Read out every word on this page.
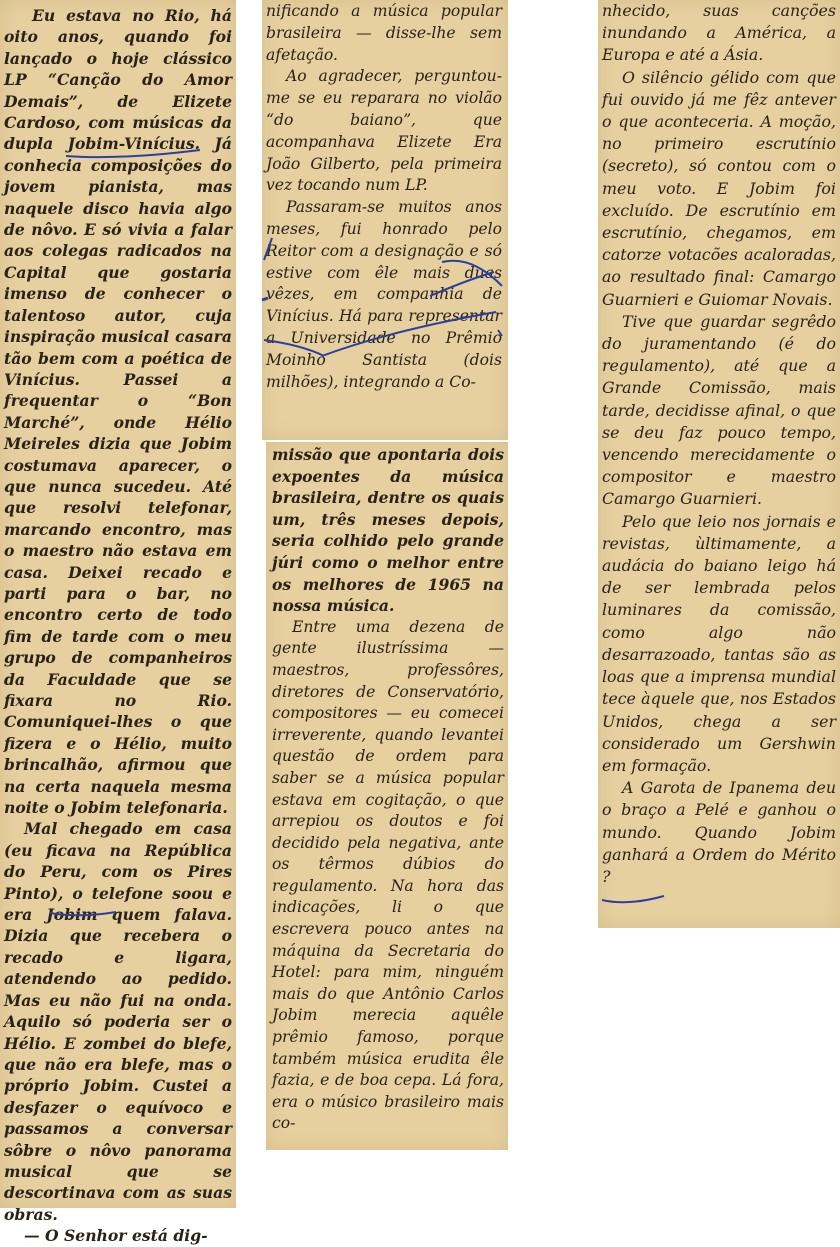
Eu estava no Rio, há oito anos, quando foi lançado o hoje clássico LP “Canção do Amor Demais”, de Elizete Cardoso, com músicas da dupla Jobim-Vinícius. Já conhecia composições do jovem pianista, mas naquele disco havia algo de nôvo. E só vivia a falar aos colegas radicados na Capital que gostaria imenso de conhecer o talentoso autor, cuja inspiração musical casara tão bem com a poética de Vinícius. Passei a frequentar o “Bon Marché”, onde Hélio Meireles dizia que Jobim costumava aparecer, o que nunca sucedeu. Até que resolvi telefonar, marcando encontro, mas o maestro não estava em casa. Deixei recado e parti para o bar, no encontro certo de todo fim de tarde com o meu grupo de companheiros da Faculdade que se fixara no Rio. Comuniquei-lhes o que fizera e o Hélio, muito brincalhão, afirmou que na certa naquela mesma noite o Jobim telefonaria.

Mal chegado em casa (eu ficava na República do Peru, com os Pires Pinto), o telefone soou e era Jobim quem falava. Dizia que recebera o recado e ligara, atendendo ao pedido. Mas eu não fui na onda. Aquilo só poderia ser o Hélio. E zombei do blefe, que não era blefe, mas o próprio Jobim. Custei a desfazer o equívoco e passamos a conversar sôbre o nôvo panorama musical que se descortinava com as suas obras.

— O Senhor está dig-

nificando a música popular brasileira — disse-lhe sem afetação.

Ao agradecer, perguntou-me se eu reparara no violão “do baiano”, que acompanhava Elizete Era João Gilberto, pela primeira vez tocando num LP.

Passaram-se muitos anos meses, fui honrado pelo Reitor com a designação e só estive com êle mais duas vêzes, em companhia de Vinícius. Há para representar a Universidade no Prêmio Moinho Santista (dois milhões), integrando a Co-

missão que apontaria dois expoentes da música brasileira, dentre os quais um, três meses depois, seria colhido pelo grande júri como o melhor entre os melhores de 1965 na nossa música.

Entre uma dezena de gente ilustríssima — maestros, professôres, diretores de Conservatório, compositores — eu comecei irreverente, quando levantei questão de ordem para saber se a música popular estava em cogitação, o que arrepiou os doutos e foi decidido pela negativa, ante os têrmos dúbios do regulamento. Na hora das indicações, li o que escrevera pouco antes na máquina da Secretaria do Hotel: para mim, ninguém mais do que Antônio Carlos Jobim merecia aquêle prêmio famoso, porque também música erudita êle fazia, e de boa cepa. Lá fora, era o músico brasileiro mais co-

nhecido, suas canções inundando a América, a Europa e até a Ásia.

O silêncio gélido com que fui ouvido já me fêz antever o que aconteceria. A moção, no primeiro escrutínio (secreto), só contou com o meu voto. E Jobim foi excluído. De escrutínio em escrutínio, chegamos, em catorze votacões acaloradas, ao resultado final: Camargo Guarnieri e Guiomar Novais.

Tive que guardar segrêdo do juramentando (é do regulamento), até que a Grande Comissão, mais tarde, decidisse afinal, o que se deu faz pouco tempo, vencendo merecidamente o compositor e maestro Camargo Guarnieri.

Pelo que leio nos jornais e revistas, ùltimamente, a audácia do baiano leigo há de ser lembrada pelos luminares da comissão, como algo não desarrazoado, tantas são as loas que a imprensa mundial tece àquele que, nos Estados Unidos, chega a ser considerado um Gershwin em formação.

A Garota de Ipanema deu o braço a Pelé e ganhou o mundo. Quando Jobim ganhará a Ordem do Mérito ?
